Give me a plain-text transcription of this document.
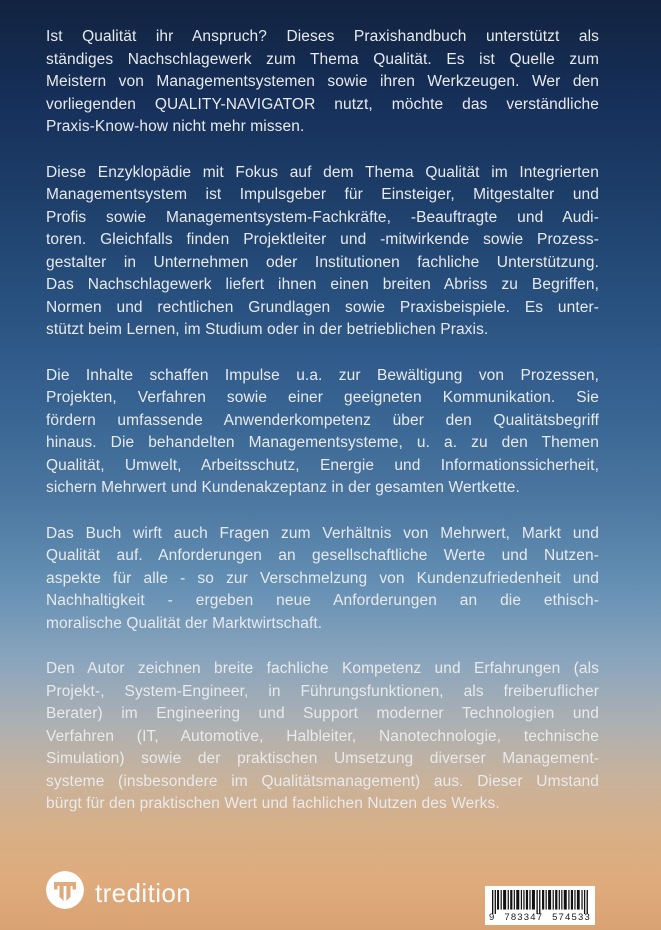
Ist Qualität ihr Anspruch? Dieses Praxishandbuch unterstützt als
ständiges Nachschlagewerk zum Thema Qualität. Es ist Quelle zum
Meistern von Managementsystemen sowie ihren Werkzeugen. Wer den
vorliegenden QUALITY-NAVIGATOR nutzt, möchte das verständliche
Praxis-Know-how nicht mehr missen.
Diese Enzyklopädie mit Fokus auf dem Thema Qualität im Integrierten
Managementsystem ist Impulsgeber für Einsteiger, Mitgestalter und
Profis sowie Managementsystem-Fachkräfte, -Beauftragte und Audi-
toren. Gleichfalls finden Projektleiter und -mitwirkende sowie Prozess-
gestalter in Unternehmen oder Institutionen fachliche Unterstützung.
Das Nachschlagewerk liefert ihnen einen breiten Abriss zu Begriffen,
Normen und rechtlichen Grundlagen sowie Praxisbeispiele. Es unter-
stützt beim Lernen, im Studium oder in der betrieblichen Praxis.
Die Inhalte schaffen Impulse u.a. zur Bewältigung von Prozessen,
Projekten, Verfahren sowie einer geeigneten Kommunikation. Sie
fördern umfassende Anwenderkompetenz über den Qualitätsbegriff
hinaus. Die behandelten Managementsysteme, u. a. zu den Themen
Qualität, Umwelt, Arbeitsschutz, Energie und Informationssicherheit,
sichern Mehrwert und Kundenakzeptanz in der gesamten Wertkette.
Das Buch wirft auch Fragen zum Verhältnis von Mehrwert, Markt und
Qualität auf. Anforderungen an gesellschaftliche Werte und Nutzen-
aspekte für alle - so zur Verschmelzung von Kundenzufriedenheit und
Nachhaltigkeit - ergeben neue Anforderungen an die ethisch-
moralische Qualität der Marktwirtschaft.
Den Autor zeichnen breite fachliche Kompetenz und Erfahrungen (als
Projekt-, System-Engineer, in Führungsfunktionen, als freiberuflicher
Berater) im Engineering und Support moderner Technologien und
Verfahren (IT, Automotive, Halbleiter, Nanotechnologie, technische
Simulation) sowie der praktischen Umsetzung diverser Management-
systeme (insbesondere im Qualitätsmanagement) aus. Dieser Umstand
bürgt für den praktischen Wert und fachlichen Nutzen des Werks.
tredition
9 783347 574533
